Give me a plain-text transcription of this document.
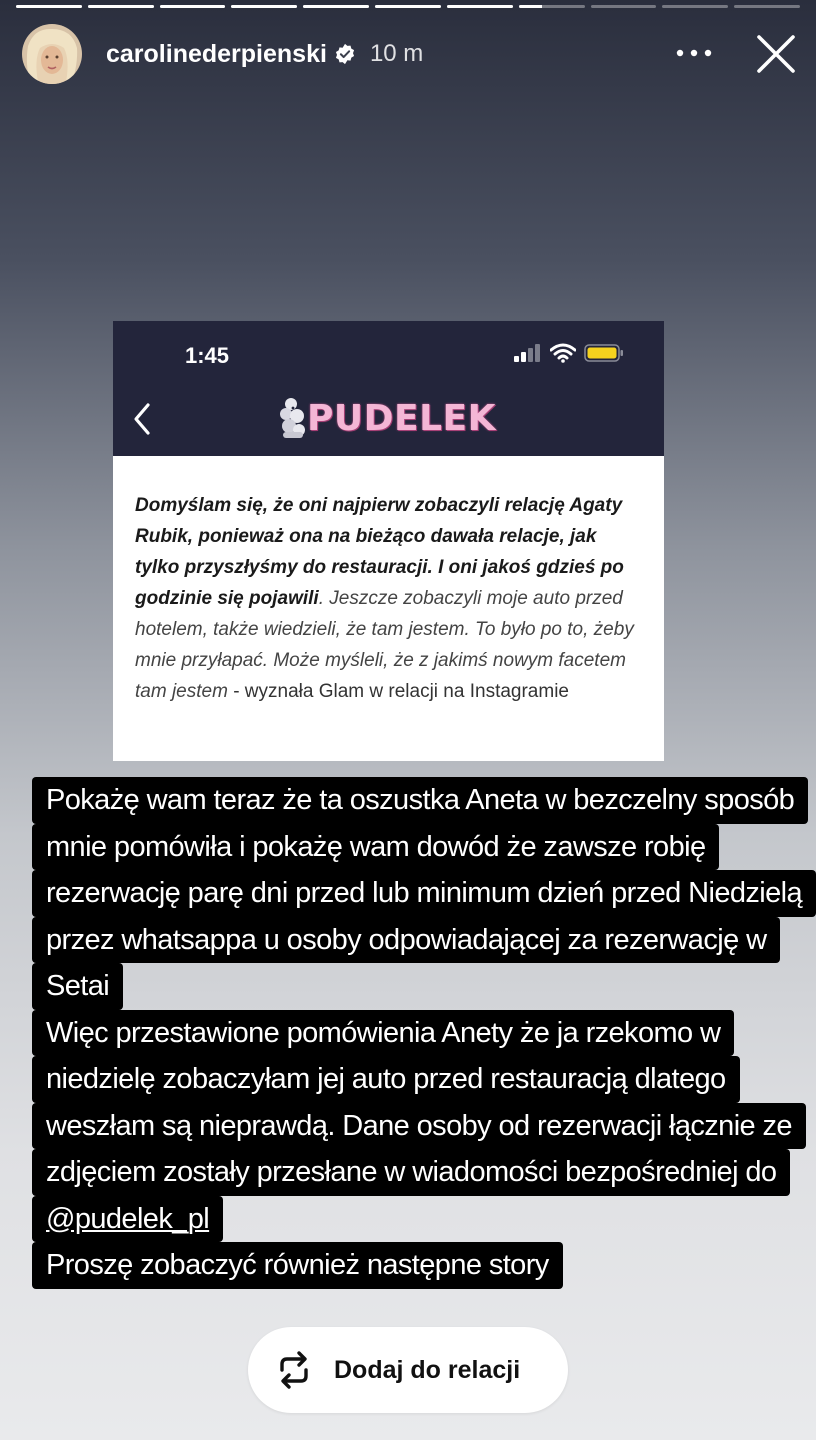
carolinederpienski 10 m
1:45
PUDELEK
Domyślam się, że oni najpierw zobaczyli relację Agaty Rubik, ponieważ ona na bieżąco dawała relacje, jak tylko przyszłyśmy do restauracji. I oni jakoś gdzieś po godzinie się pojawili. Jeszcze zobaczyli moje auto przed hotelem, także wiedzieli, że tam jestem. To było po to, żeby mnie przyłapać. Może myśleli, że z jakimś nowym facetem tam jestem - wyznała Glam w relacji na Instagramie
Pokażę wam teraz że ta oszustka Aneta w bezczelny sposób
mnie pomówiła i pokażę wam dowód że zawsze robię
rezerwację parę dni przed lub minimum dzień przed Niedzielą
przez whatsappa u osoby odpowiadającej za rezerwację w
Setai
Więc przestawione pomówienia Anety że ja rzekomo w
niedzielę zobaczyłam jej auto przed restauracją dlatego
weszłam są nieprawdą. Dane osoby od rezerwacji łącznie ze
zdjęciem zostały przesłane w wiadomości bezpośredniej do
@pudelek_pl
Proszę zobaczyć również następne story
Dodaj do relacji
